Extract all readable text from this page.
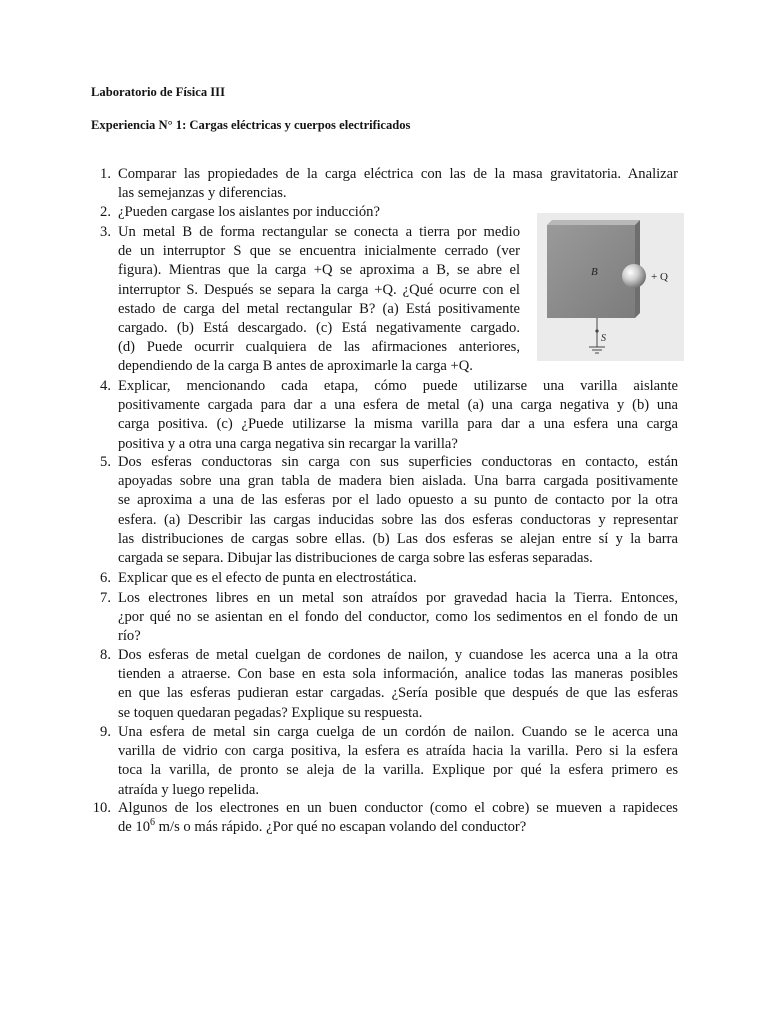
Laboratorio de Física III
Experiencia N° 1: Cargas eléctricas y cuerpos electrificados
1. Comparar las propiedades de la carga eléctrica con las de la masa gravitatoria. Analizar
las semejanzas y diferencias.
2. ¿Pueden cargase los aislantes por inducción?
3. Un metal B de forma rectangular se conecta a tierra por medio
de un interruptor S que se encuentra inicialmente cerrado (ver
figura). Mientras que la carga +Q se aproxima a B, se abre el
interruptor S. Después se separa la carga +Q. ¿Qué ocurre con el
estado de carga del metal rectangular B? (a) Está positivamente
cargado. (b) Está descargado. (c) Está negativamente cargado.
(d) Puede ocurrir cualquiera de las afirmaciones anteriores,
dependiendo de la carga B antes de aproximarle la carga +Q.
4. Explicar, mencionando cada etapa, cómo puede utilizarse una varilla aislante
positivamente cargada para dar a una esfera de metal (a) una carga negativa y (b) una
carga positiva. (c) ¿Puede utilizarse la misma varilla para dar a una esfera una carga
positiva y a otra una carga negativa sin recargar la varilla?
5. Dos esferas conductoras sin carga con sus superficies conductoras en contacto, están
apoyadas sobre una gran tabla de madera bien aislada. Una barra cargada positivamente
se aproxima a una de las esferas por el lado opuesto a su punto de contacto por la otra
esfera. (a) Describir las cargas inducidas sobre las dos esferas conductoras y representar
las distribuciones de cargas sobre ellas. (b) Las dos esferas se alejan entre sí y la barra
cargada se separa. Dibujar las distribuciones de carga sobre las esferas separadas.
6. Explicar que es el efecto de punta en electrostática.
7. Los electrones libres en un metal son atraídos por gravedad hacia la Tierra. Entonces,
¿por qué no se asientan en el fondo del conductor, como los sedimentos en el fondo de un
río?
8. Dos esferas de metal cuelgan de cordones de nailon, y cuandose les acerca una a la otra
tienden a atraerse. Con base en esta sola información, analice todas las maneras posibles
en que las esferas pudieran estar cargadas. ¿Sería posible que después de que las esferas
se toquen quedaran pegadas? Explique su respuesta.
9. Una esfera de metal sin carga cuelga de un cordón de nailon. Cuando se le acerca una
varilla de vidrio con carga positiva, la esfera es atraída hacia la varilla. Pero si la esfera
toca la varilla, de pronto se aleja de la varilla. Explique por qué la esfera primero es
atraída y luego repelida.
10. Algunos de los electrones en un buen conductor (como el cobre) se mueven a rapideces
de $10^6$ m/s o más rápido. ¿Por qué no escapan volando del conductor?
B	+ Q
S
